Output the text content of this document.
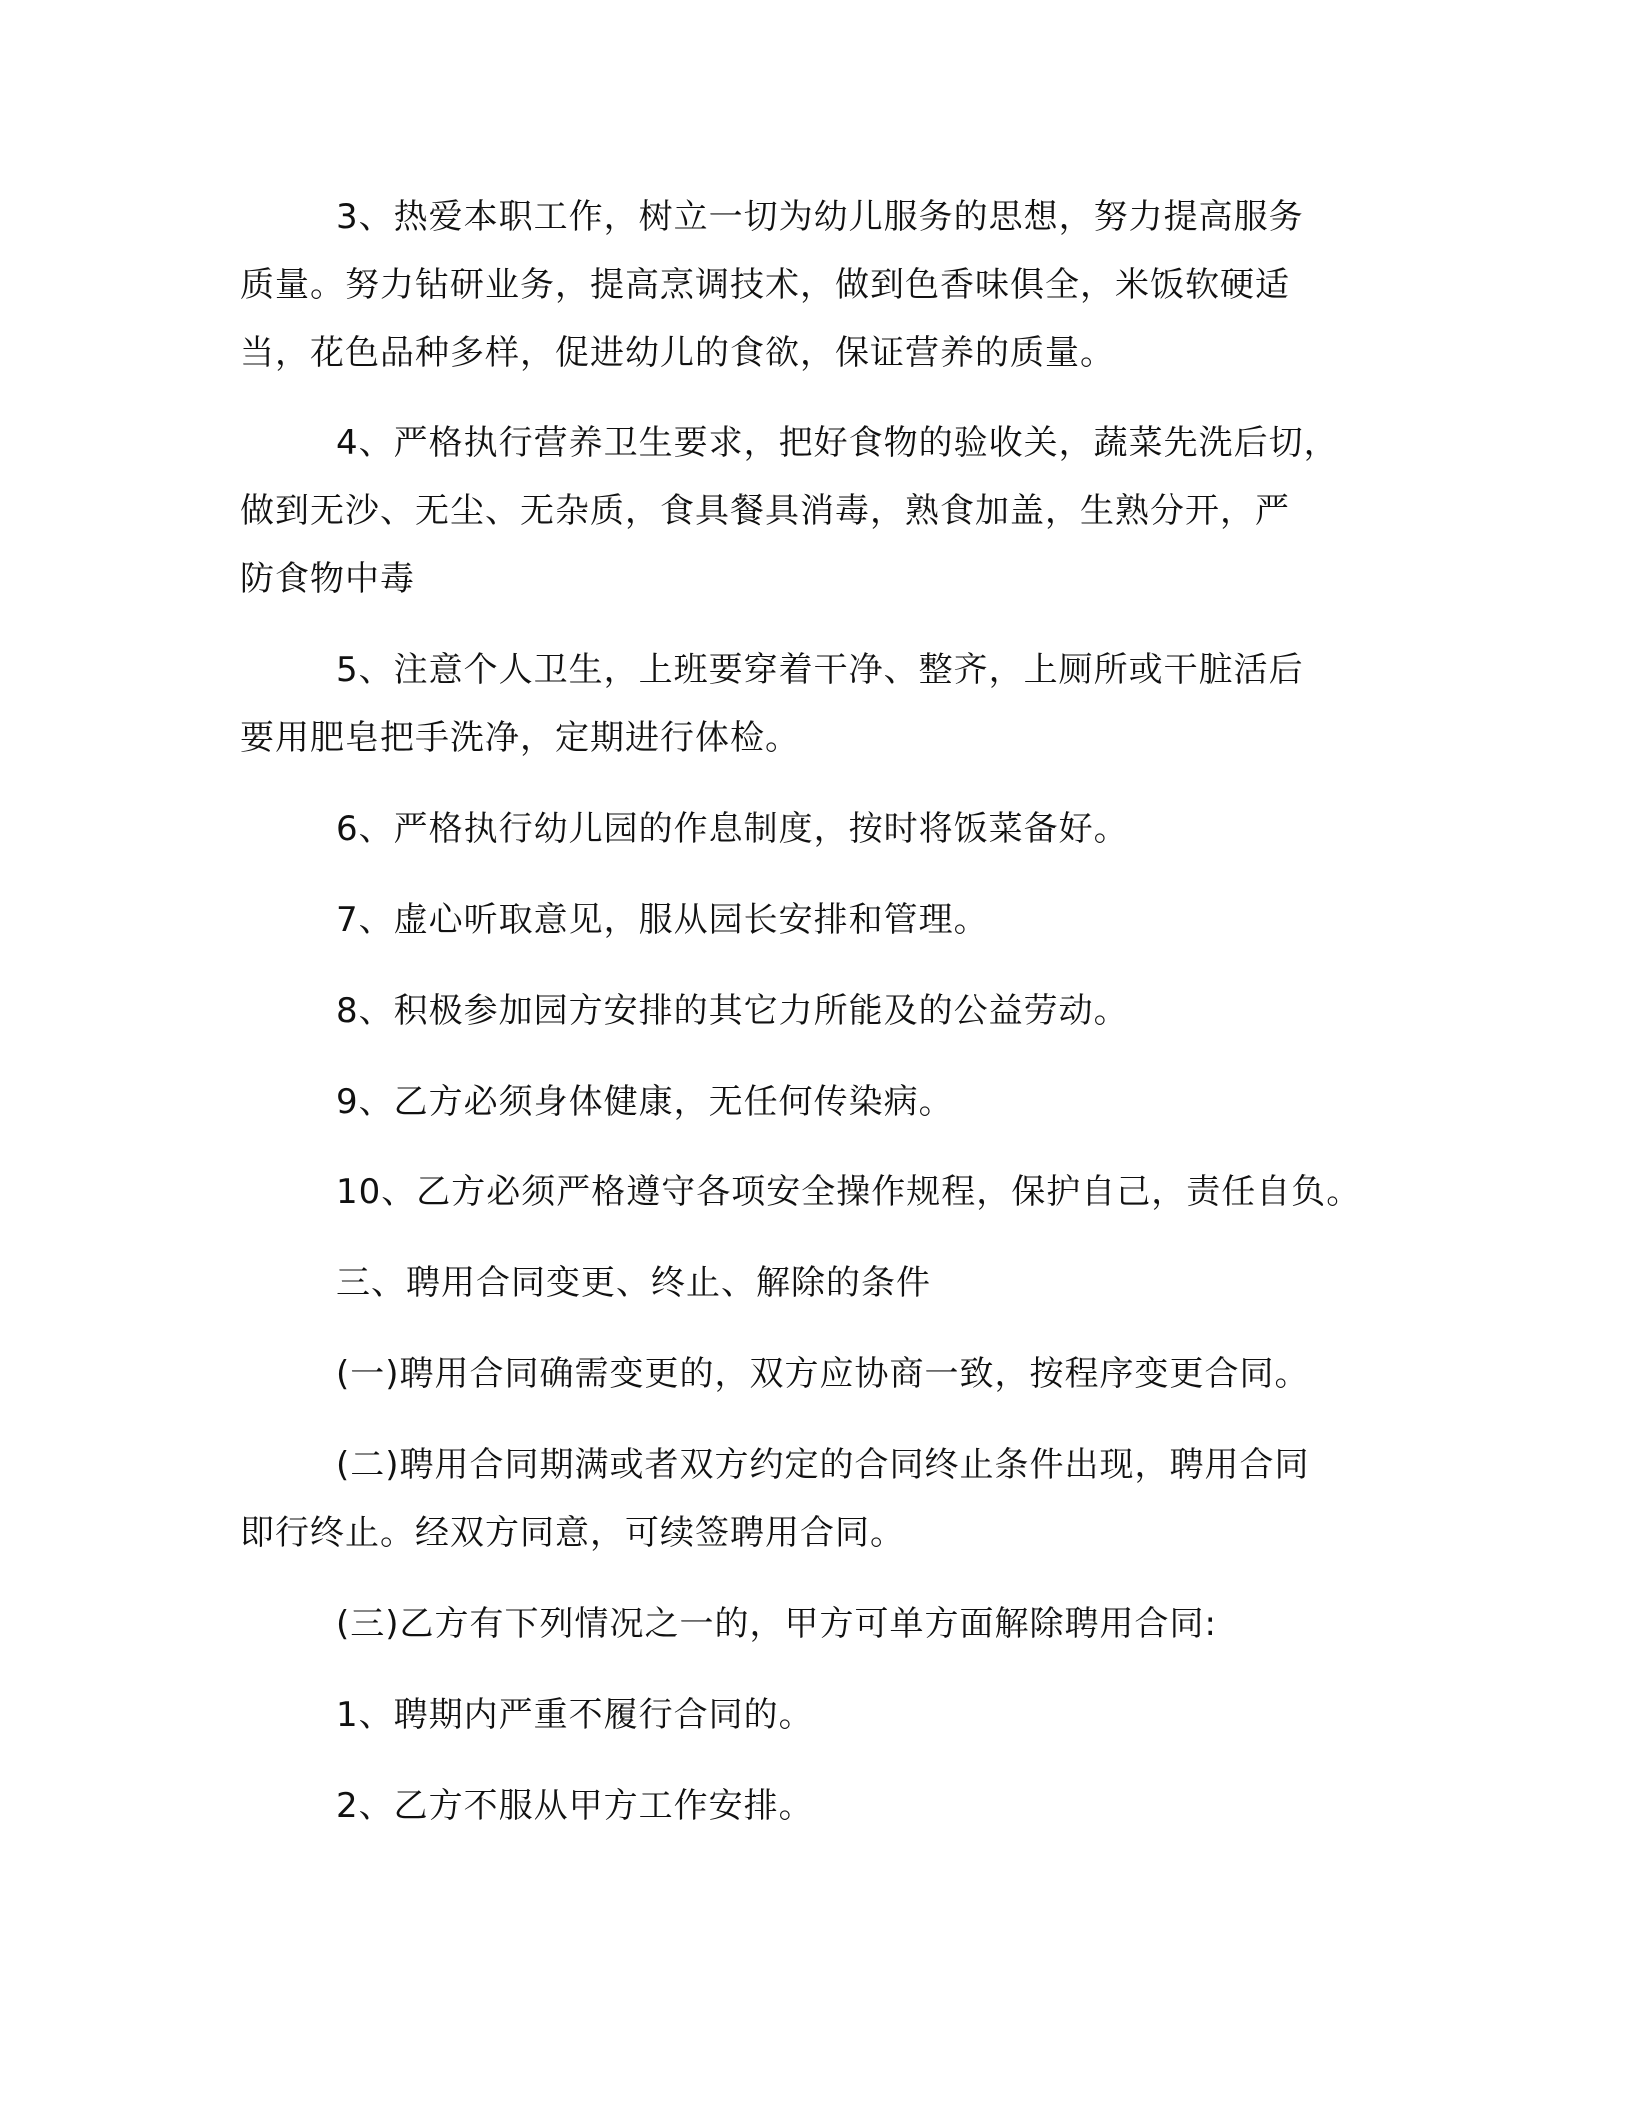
3、热爱本职工作，树立一切为幼儿服务的思想，努力提高服务
质量。努力钻研业务，提高烹调技术，做到色香味俱全，米饭软硬适
当，花色品种多样，促进幼儿的食欲，保证营养的质量。
4、严格执行营养卫生要求，把好食物的验收关，蔬菜先洗后切，
做到无沙、无尘、无杂质，食具餐具消毒，熟食加盖，生熟分开，严
防食物中毒
5、注意个人卫生，上班要穿着干净、整齐，上厕所或干脏活后
要用肥皂把手洗净，定期进行体检。
6、严格执行幼儿园的作息制度，按时将饭菜备好。
7、虚心听取意见，服从园长安排和管理。
8、积极参加园方安排的其它力所能及的公益劳动。
9、乙方必须身体健康，无任何传染病。
10、乙方必须严格遵守各项安全操作规程，保护自己，责任自负。
三、聘用合同变更、终止、解除的条件
(一)聘用合同确需变更的，双方应协商一致，按程序变更合同。
(二)聘用合同期满或者双方约定的合同终止条件出现，聘用合同
即行终止。经双方同意，可续签聘用合同。
(三)乙方有下列情况之一的，甲方可单方面解除聘用合同:
1、聘期内严重不履行合同的。
2、乙方不服从甲方工作安排。
